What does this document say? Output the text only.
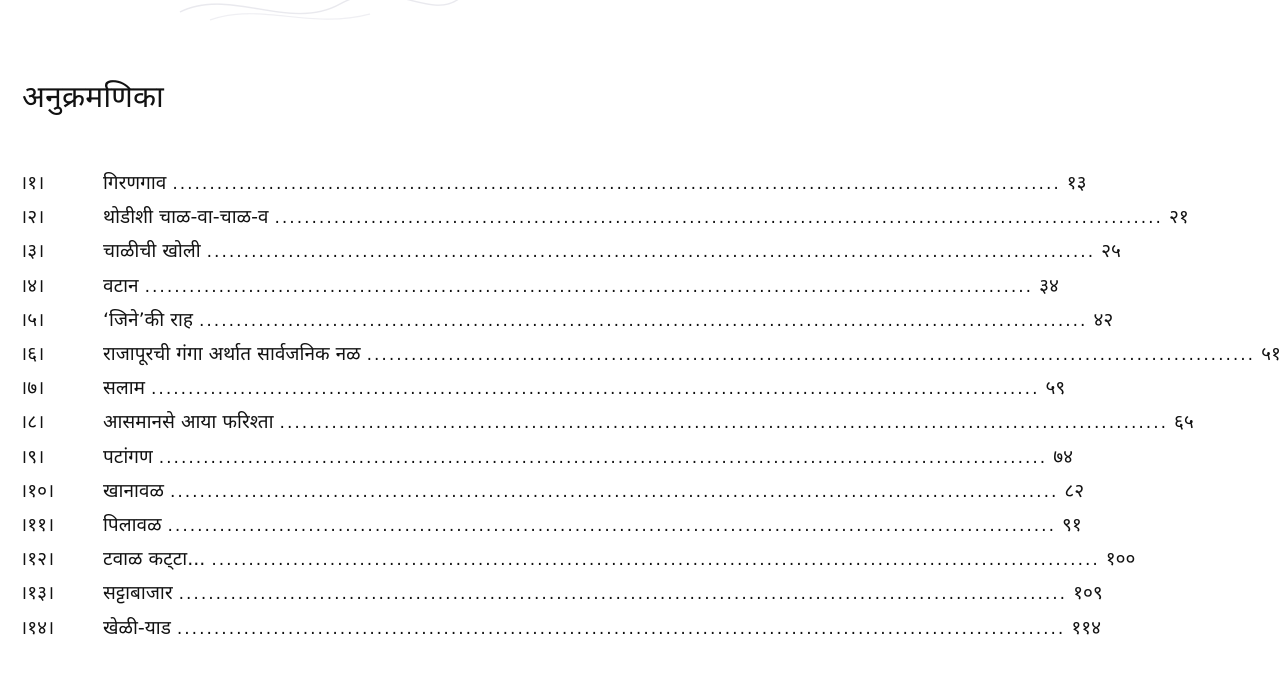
अनुक्रमणिका
।१।	गिरणगाव ........................................................................................................................ १३
।२।	थोडीशी चाळ-वा-चाळ-व ........................................................................................................................ २१
।३।	चाळीची खोली ........................................................................................................................ २५
।४।	वटान ........................................................................................................................ ३४
।५।	‘जिने’की राह ........................................................................................................................ ४२
।६।	राजापूरची गंगा अर्थात सार्वजनिक नळ ........................................................................................................................ ५१
।७।	सलाम ........................................................................................................................ ५९
।८।	आसमानसे आया फरिश्ता ........................................................................................................................ ६५
।९।	पटांगण ........................................................................................................................ ७४
।१०।	खानावळ ........................................................................................................................ ८२
।११।	पिलावळ ........................................................................................................................ ९१
।१२।	टवाळ कट्‌टा... ........................................................................................................................ १००
।१३।	सट्टाबाजार ........................................................................................................................ १०९
।१४।	खेळी-याड ........................................................................................................................ ११४
